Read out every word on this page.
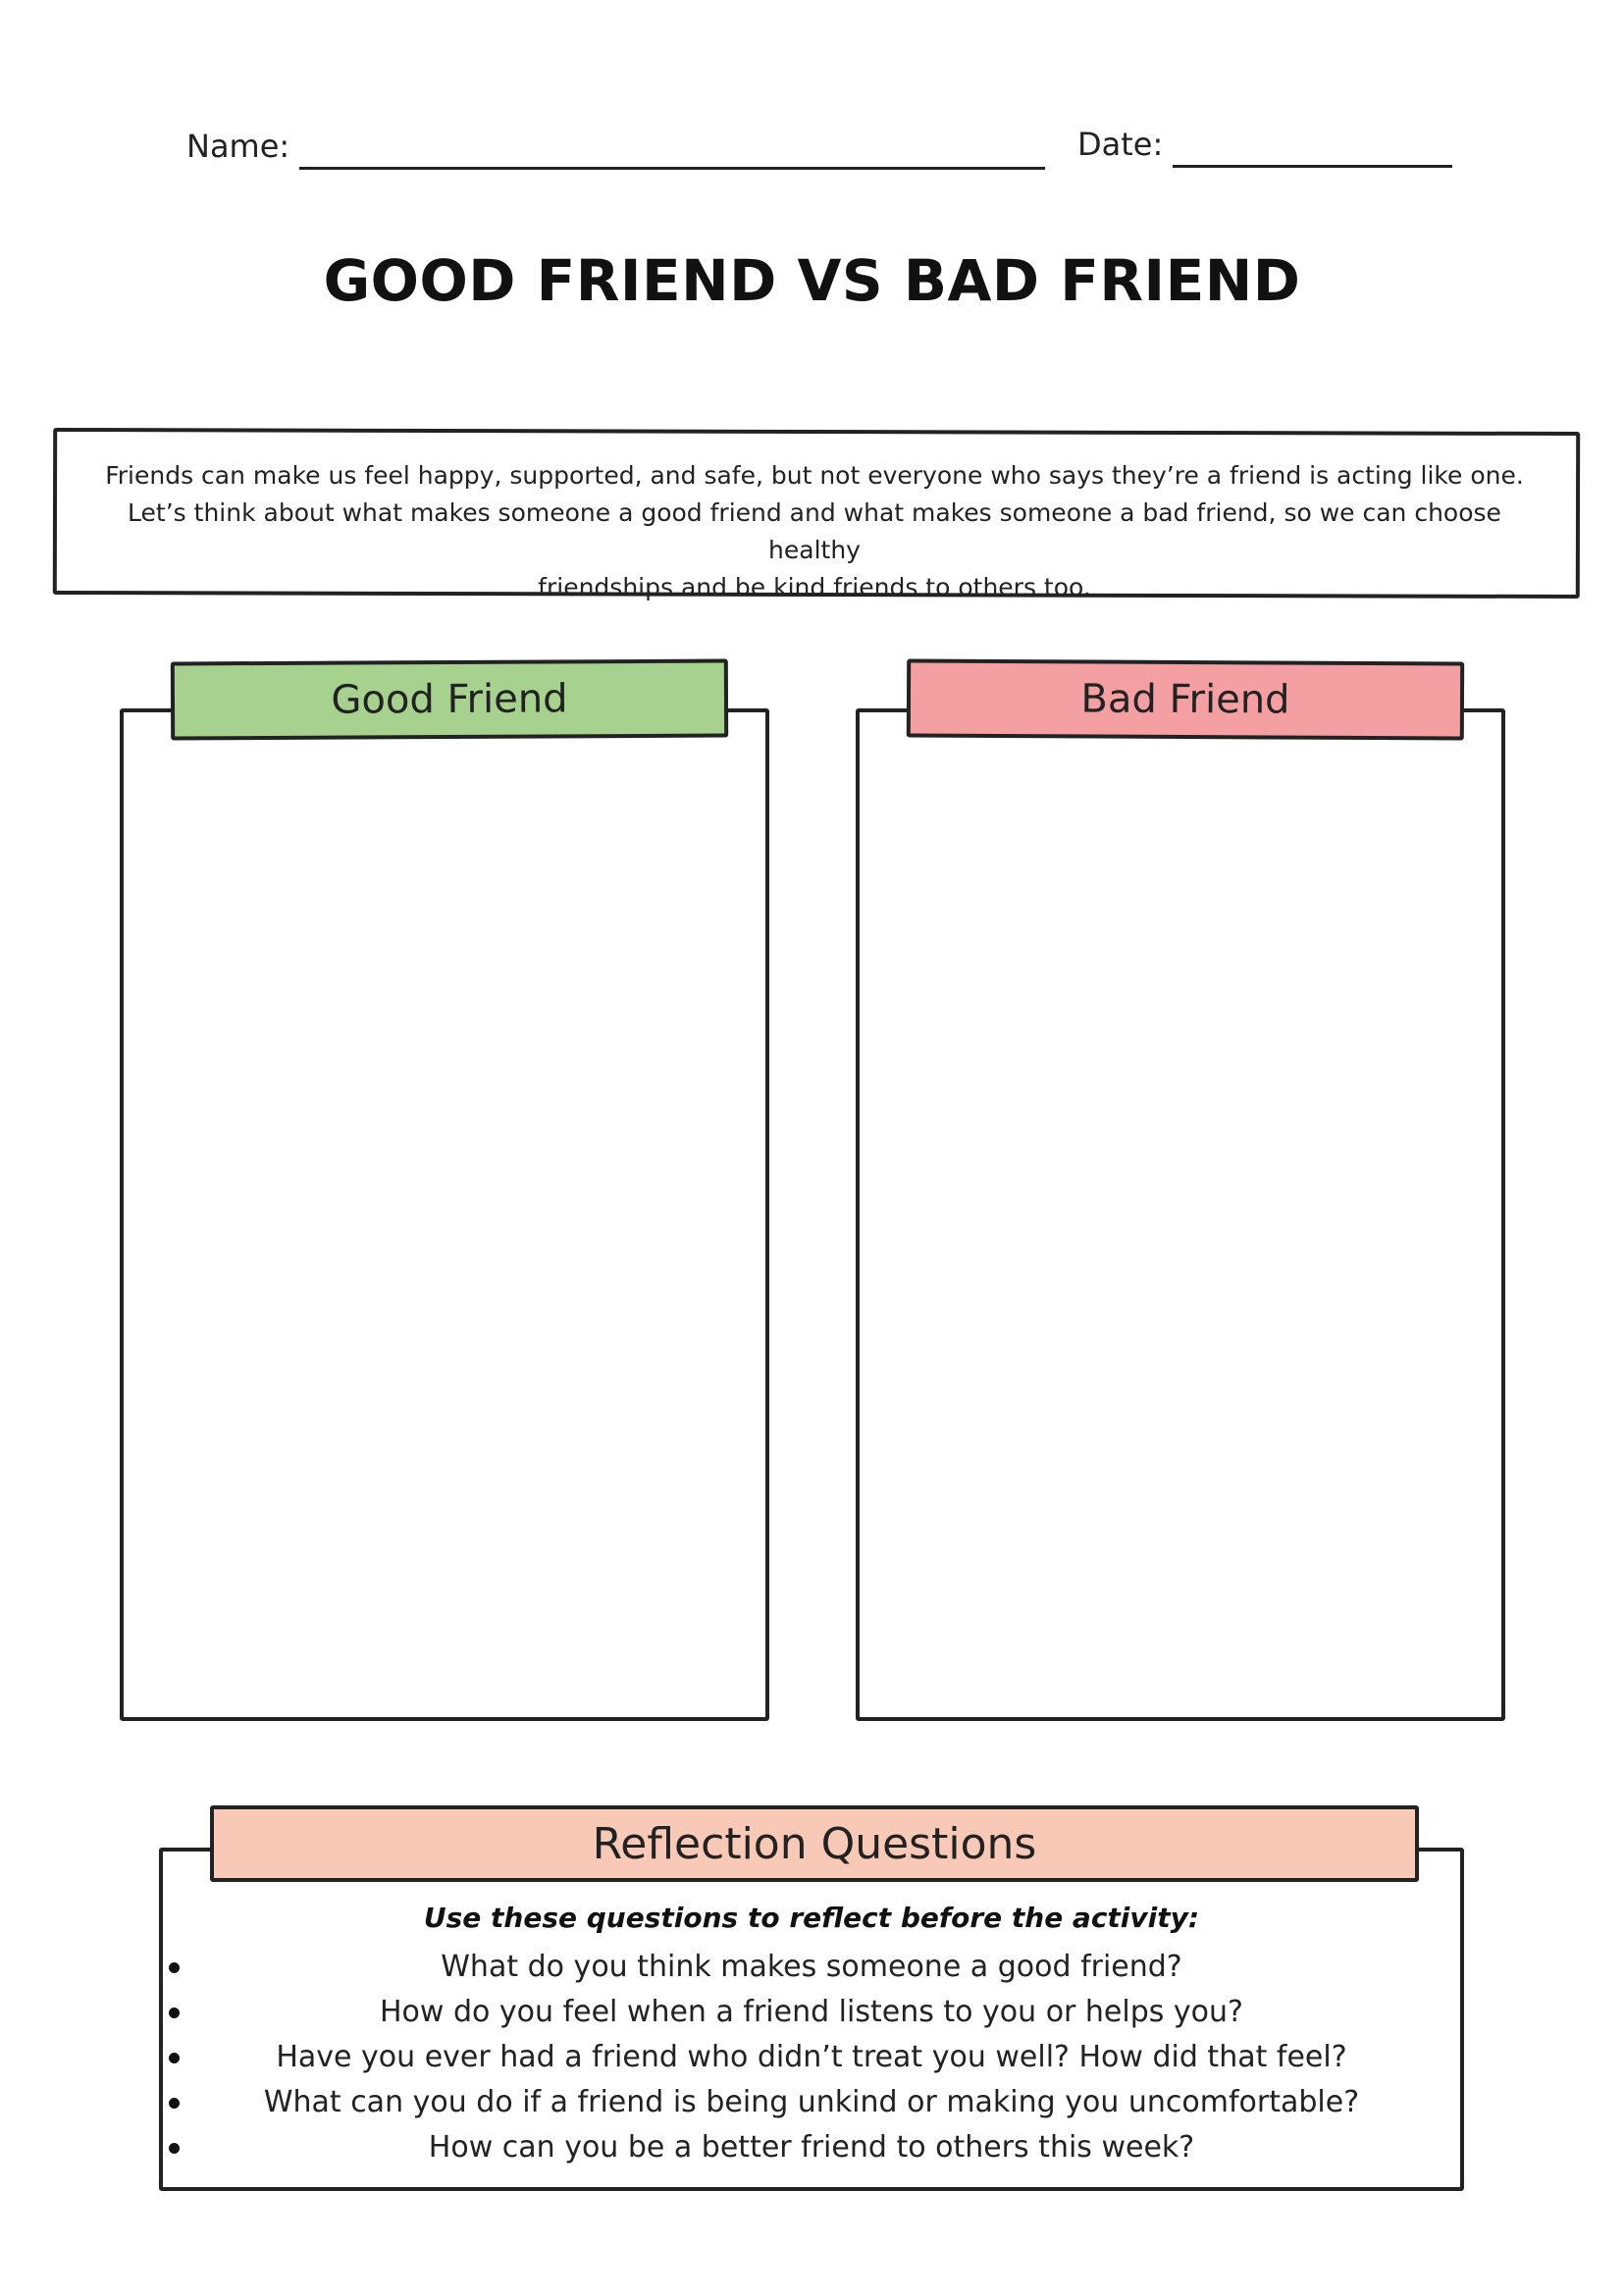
Name:	Date:
GOOD FRIEND VS BAD FRIEND
Friends can make us feel happy, supported, and safe, but not everyone who says they’re a friend is acting like one.
Let’s think about what makes someone a good friend and what makes someone a bad friend, so we can choose healthy
friendships and be kind friends to others too.
Good Friend	Bad Friend
Reflection Questions
Use these questions to reflect before the activity:
What do you think makes someone a good friend?
How do you feel when a friend listens to you or helps you?
Have you ever had a friend who didn’t treat you well? How did that feel?
What can you do if a friend is being unkind or making you uncomfortable?
How can you be a better friend to others this week?
